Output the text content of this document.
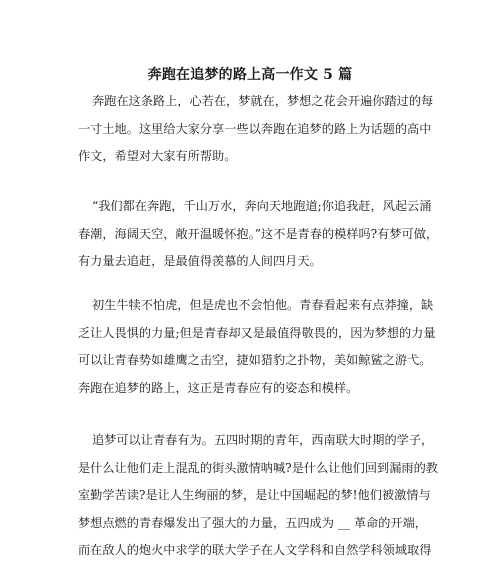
奔跑在追梦的路上高一作文 5 篇

奔跑在这条路上，心若在，梦就在，梦想之花会开遍你踏过的每

一寸土地。这里给大家分享一些以奔跑在追梦的路上为话题的高中

作文，希望对大家有所帮助。

“我们都在奔跑，千山万水，奔向天地跑道;你追我赶，风起云涌

春潮，海阔天空，敞开温暖怀抱。”这不是青春的模样吗?有梦可做，

有力量去追赶，是最值得羡慕的人间四月天。

初生牛犊不怕虎，但是虎也不会怕他。青春看起来有点莽撞，缺

乏让人畏惧的力量;但是青春却又是最值得敬畏的，因为梦想的力量

可以让青春势如雄鹰之击空，捷如猎豹之扑物，美如鲸鲨之游弋。

奔跑在追梦的路上，这正是青春应有的姿态和模样。

追梦可以让青春有为。五四时期的青年，西南联大时期的学子，

是什么让他们走上混乱的街头激情呐喊?是什么让他们回到漏雨的教

室勤学苦读?是让人生绚丽的梦，是让中国崛起的梦!他们被激情与

梦想点燃的青春爆发出了强大的力量，五四成为 __ 革命的开端，

而在敌人的炮火中求学的联大学子在人文学科和自然学科领域取得
